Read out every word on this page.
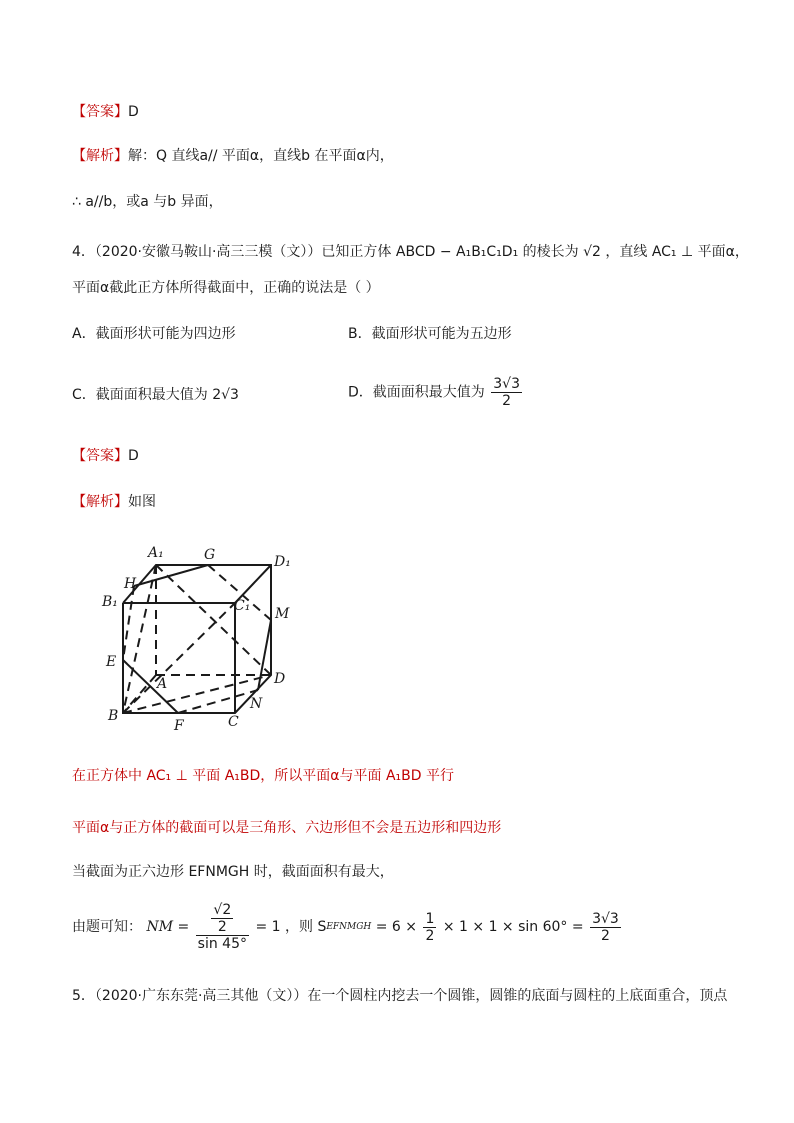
【答案】D
【解析】解：Q 直线a// 平面α，直线b 在平面α内，
∴ a//b，或a 与b 异面，
4．（2020·安徽马鞍山·高三三模（文））已知正方体 ABCD − A₁B₁C₁D₁ 的棱长为 √2 ，直线 AC₁ ⊥ 平面α，
平面α截此正方体所得截面中，正确的说法是（ ）
A．截面形状可能为四边形	B．截面形状可能为五边形
C．截面面积最大值为 2√3	D．截面面积最大值为 $\frac{3√3}{2}$
【答案】D
【解析】如图
A₁	G	D₁
H
B₁	C₁ M
E
A	D
B
F	C
N
在正方体中 AC₁ ⊥ 平面 A₁BD，所以平面α与平面 A₁BD 平行
平面α与正方体的截面可以是三角形、六边形但不会是五边形和四边形
当截面为正六边形 EFNMGH 时，截面面积有最大，
由题可知： NM = $\frac{\frac{√2}{2}}{\sin 45^\circ} = 1$ ，则 SEFNMGH = $6 \times \frac{1}{2} \times 1 \times 1 \times \sin 60^\circ = \frac{3√3}{2}$
5．（2020·广东东莞·高三其他（文））在一个圆柱内挖去一个圆锥，圆锥的底面与圆柱的上底面重合，顶点
